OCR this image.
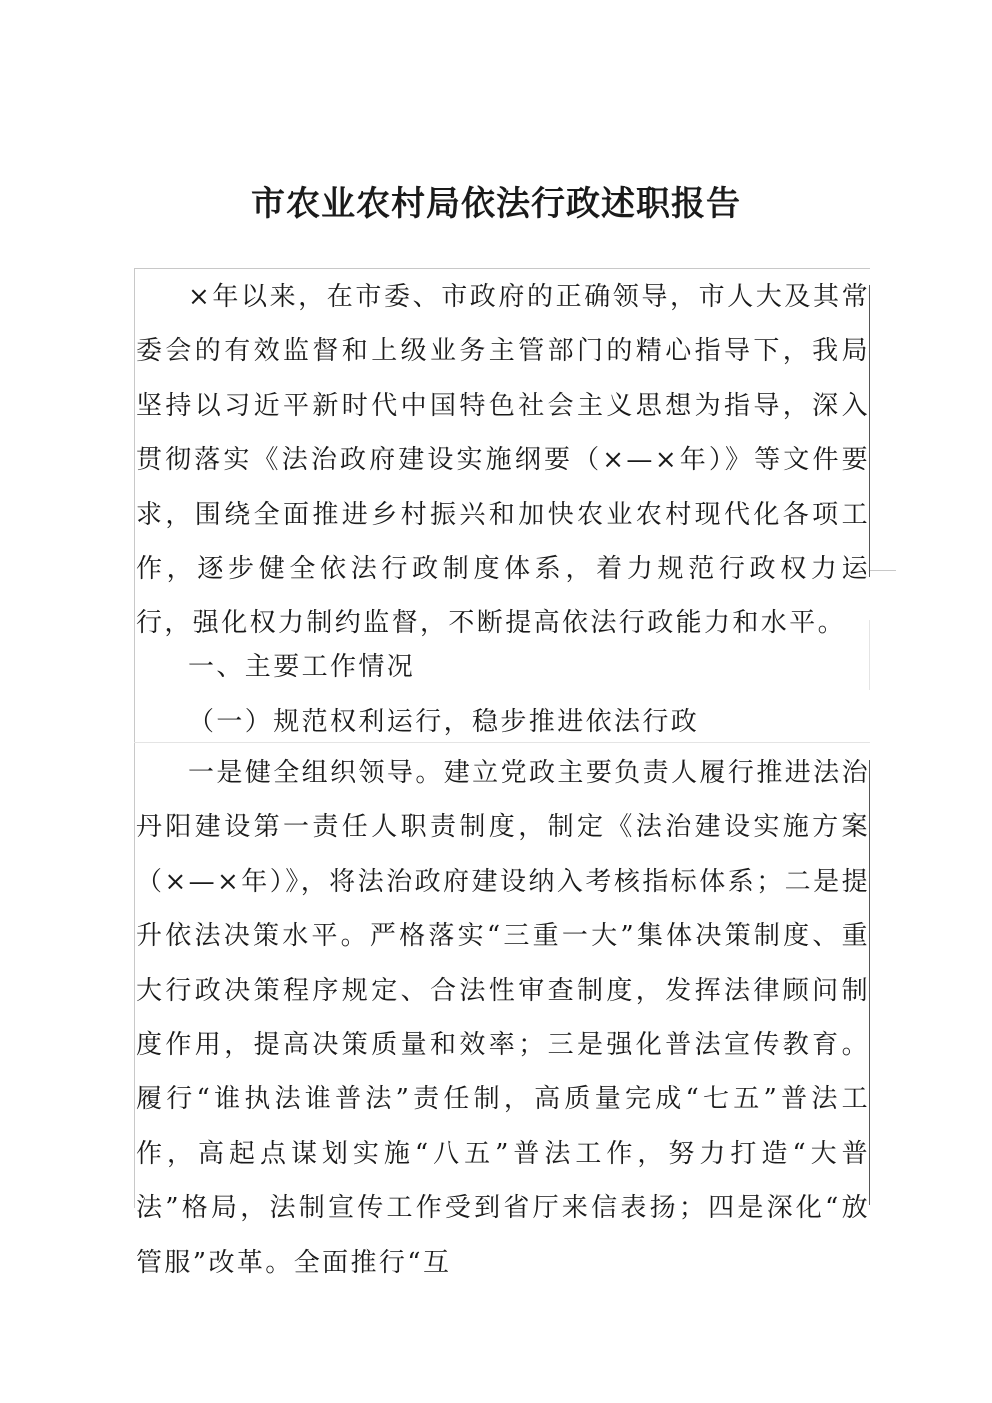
市农业农村局依法行政述职报告

×年以来，在市委、市政府的正确领导，市人大及其常委会的有效监督和上级业务主管部门的精心指导下，我局坚持以习近平新时代中国特色社会主义思想为指导，深入贯彻落实《法治政府建设实施纲要（×—×年）》等文件要求，围绕全面推进乡村振兴和加快农业农村现代化各项工作，逐步健全依法行政制度体系，着力规范行政权力运行，强化权力制约监督，不断提高依法行政能力和水平。

一、主要工作情况

（一）规范权利运行，稳步推进依法行政

一是健全组织领导。建立党政主要负责人履行推进法治丹阳建设第一责任人职责制度，制定《法治建设实施方案（×—×年）》，将法治政府建设纳入考核指标体系；二是提升依法决策水平。严格落实“三重一大”集体决策制度、重大行政决策程序规定、合法性审查制度，发挥法律顾问制度作用，提高决策质量和效率；三是强化普法宣传教育。履行“谁执法谁普法”责任制，高质量完成“七五”普法工作，高起点谋划实施“八五”普法工作，努力打造“大普法”格局，法制宣传工作受到省厅来信表扬；四是深化“放管服”改革。全面推行“互
